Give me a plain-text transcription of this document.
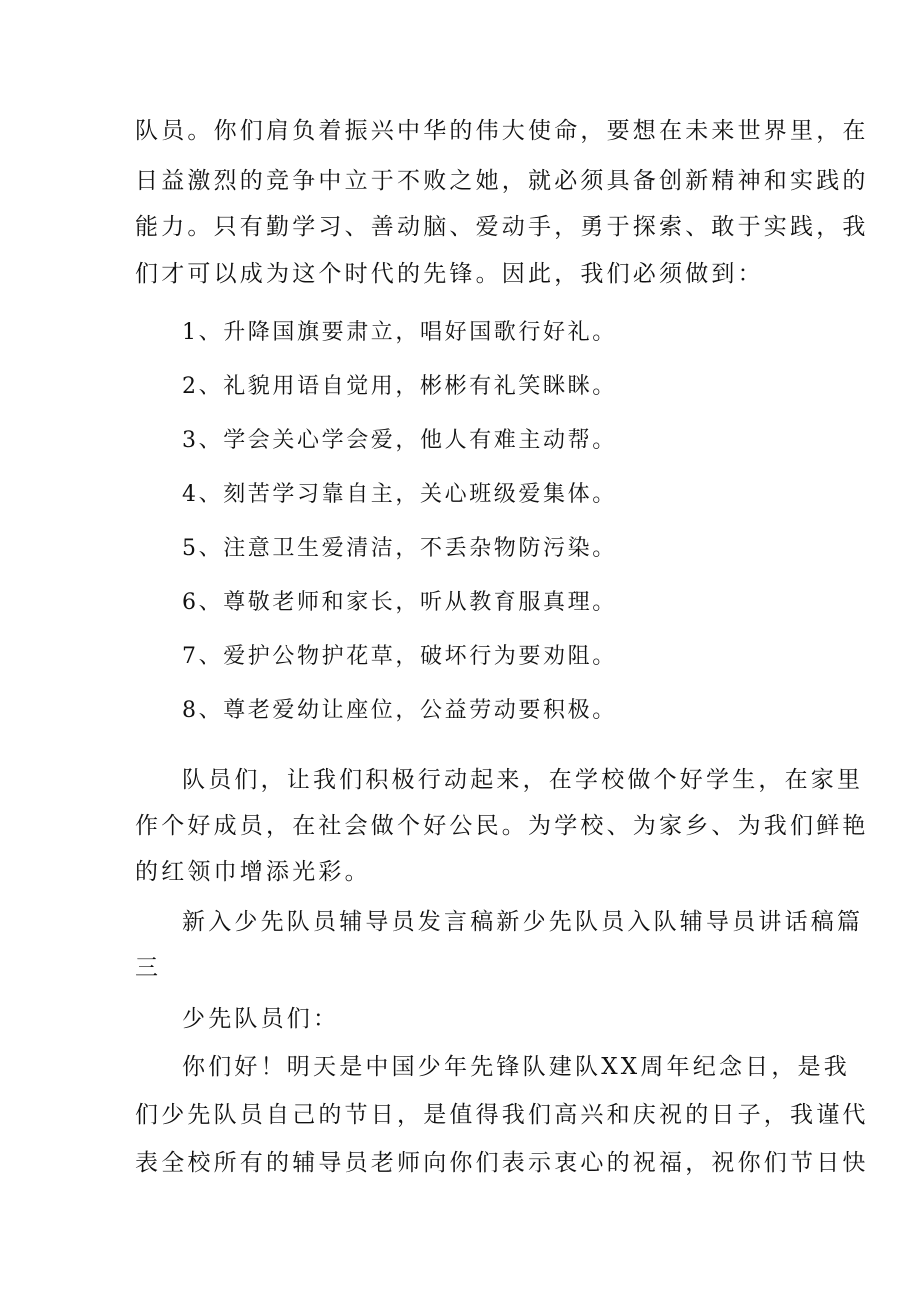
队员。你们肩负着振兴中华的伟大使命，要想在未来世界里，在
日益激烈的竞争中立于不败之她，就必须具备创新精神和实践的
能力。只有勤学习、善动脑、爱动手，勇于探索、敢于实践，我
们才可以成为这个时代的先锋。因此，我们必须做到：
1、升降国旗要肃立，唱好国歌行好礼。
2、礼貌用语自觉用，彬彬有礼笑眯眯。
3、学会关心学会爱，他人有难主动帮。
4、刻苦学习靠自主，关心班级爱集体。
5、注意卫生爱清洁，不丢杂物防污染。
6、尊敬老师和家长，听从教育服真理。
7、爱护公物护花草，破坏行为要劝阻。
8、尊老爱幼让座位，公益劳动要积极。
队员们，让我们积极行动起来，在学校做个好学生，在家里
作个好成员，在社会做个好公民。为学校、为家乡、为我们鲜艳
的红领巾增添光彩。
新入少先队员辅导员发言稿新少先队员入队辅导员讲话稿篇
三
少先队员们：
你们好！明天是中国少年先锋队建队XX周年纪念日，是我
们少先队员自己的节日，是值得我们高兴和庆祝的日子，我谨代
表全校所有的辅导员老师向你们表示衷心的祝福，祝你们节日快
